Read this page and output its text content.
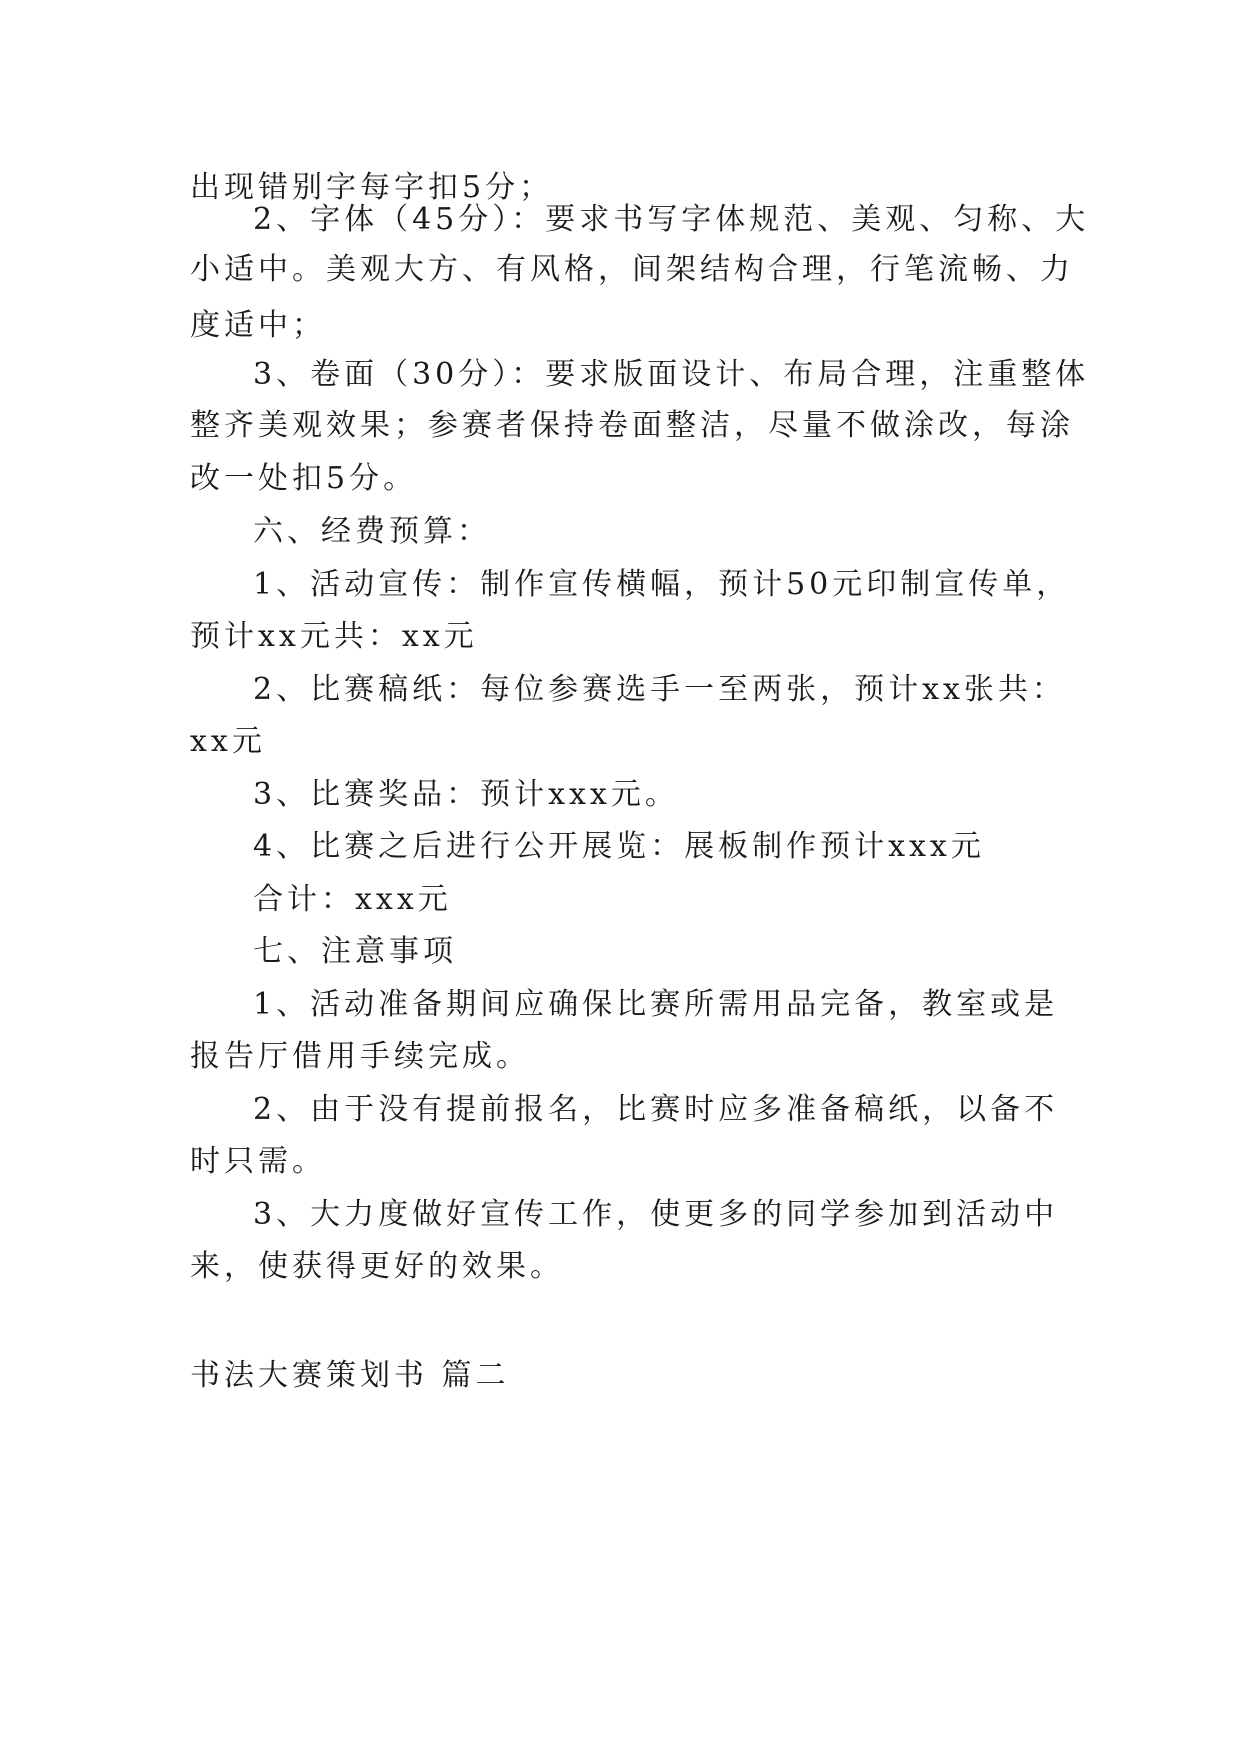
出现错别字每字扣5分；
2、字体（45分）：要求书写字体规范、美观、匀称、大
小适中。美观大方、有风格，间架结构合理，行笔流畅、力
度适中；
3、卷面（30分）：要求版面设计、布局合理，注重整体
整齐美观效果；参赛者保持卷面整洁，尽量不做涂改，每涂
改一处扣5分。
六、经费预算：
1、活动宣传：制作宣传横幅，预计50元印制宣传单，
预计xx元共：xx元
2、比赛稿纸：每位参赛选手一至两张，预计xx张共：
xx元
3、比赛奖品：预计xxx元。
4、比赛之后进行公开展览：展板制作预计xxx元
合计：xxx元
七、注意事项
1、活动准备期间应确保比赛所需用品完备，教室或是
报告厅借用手续完成。
2、由于没有提前报名，比赛时应多准备稿纸，以备不
时只需。
3、大力度做好宣传工作，使更多的同学参加到活动中
来，使获得更好的效果。
书法大赛策划书 篇二
